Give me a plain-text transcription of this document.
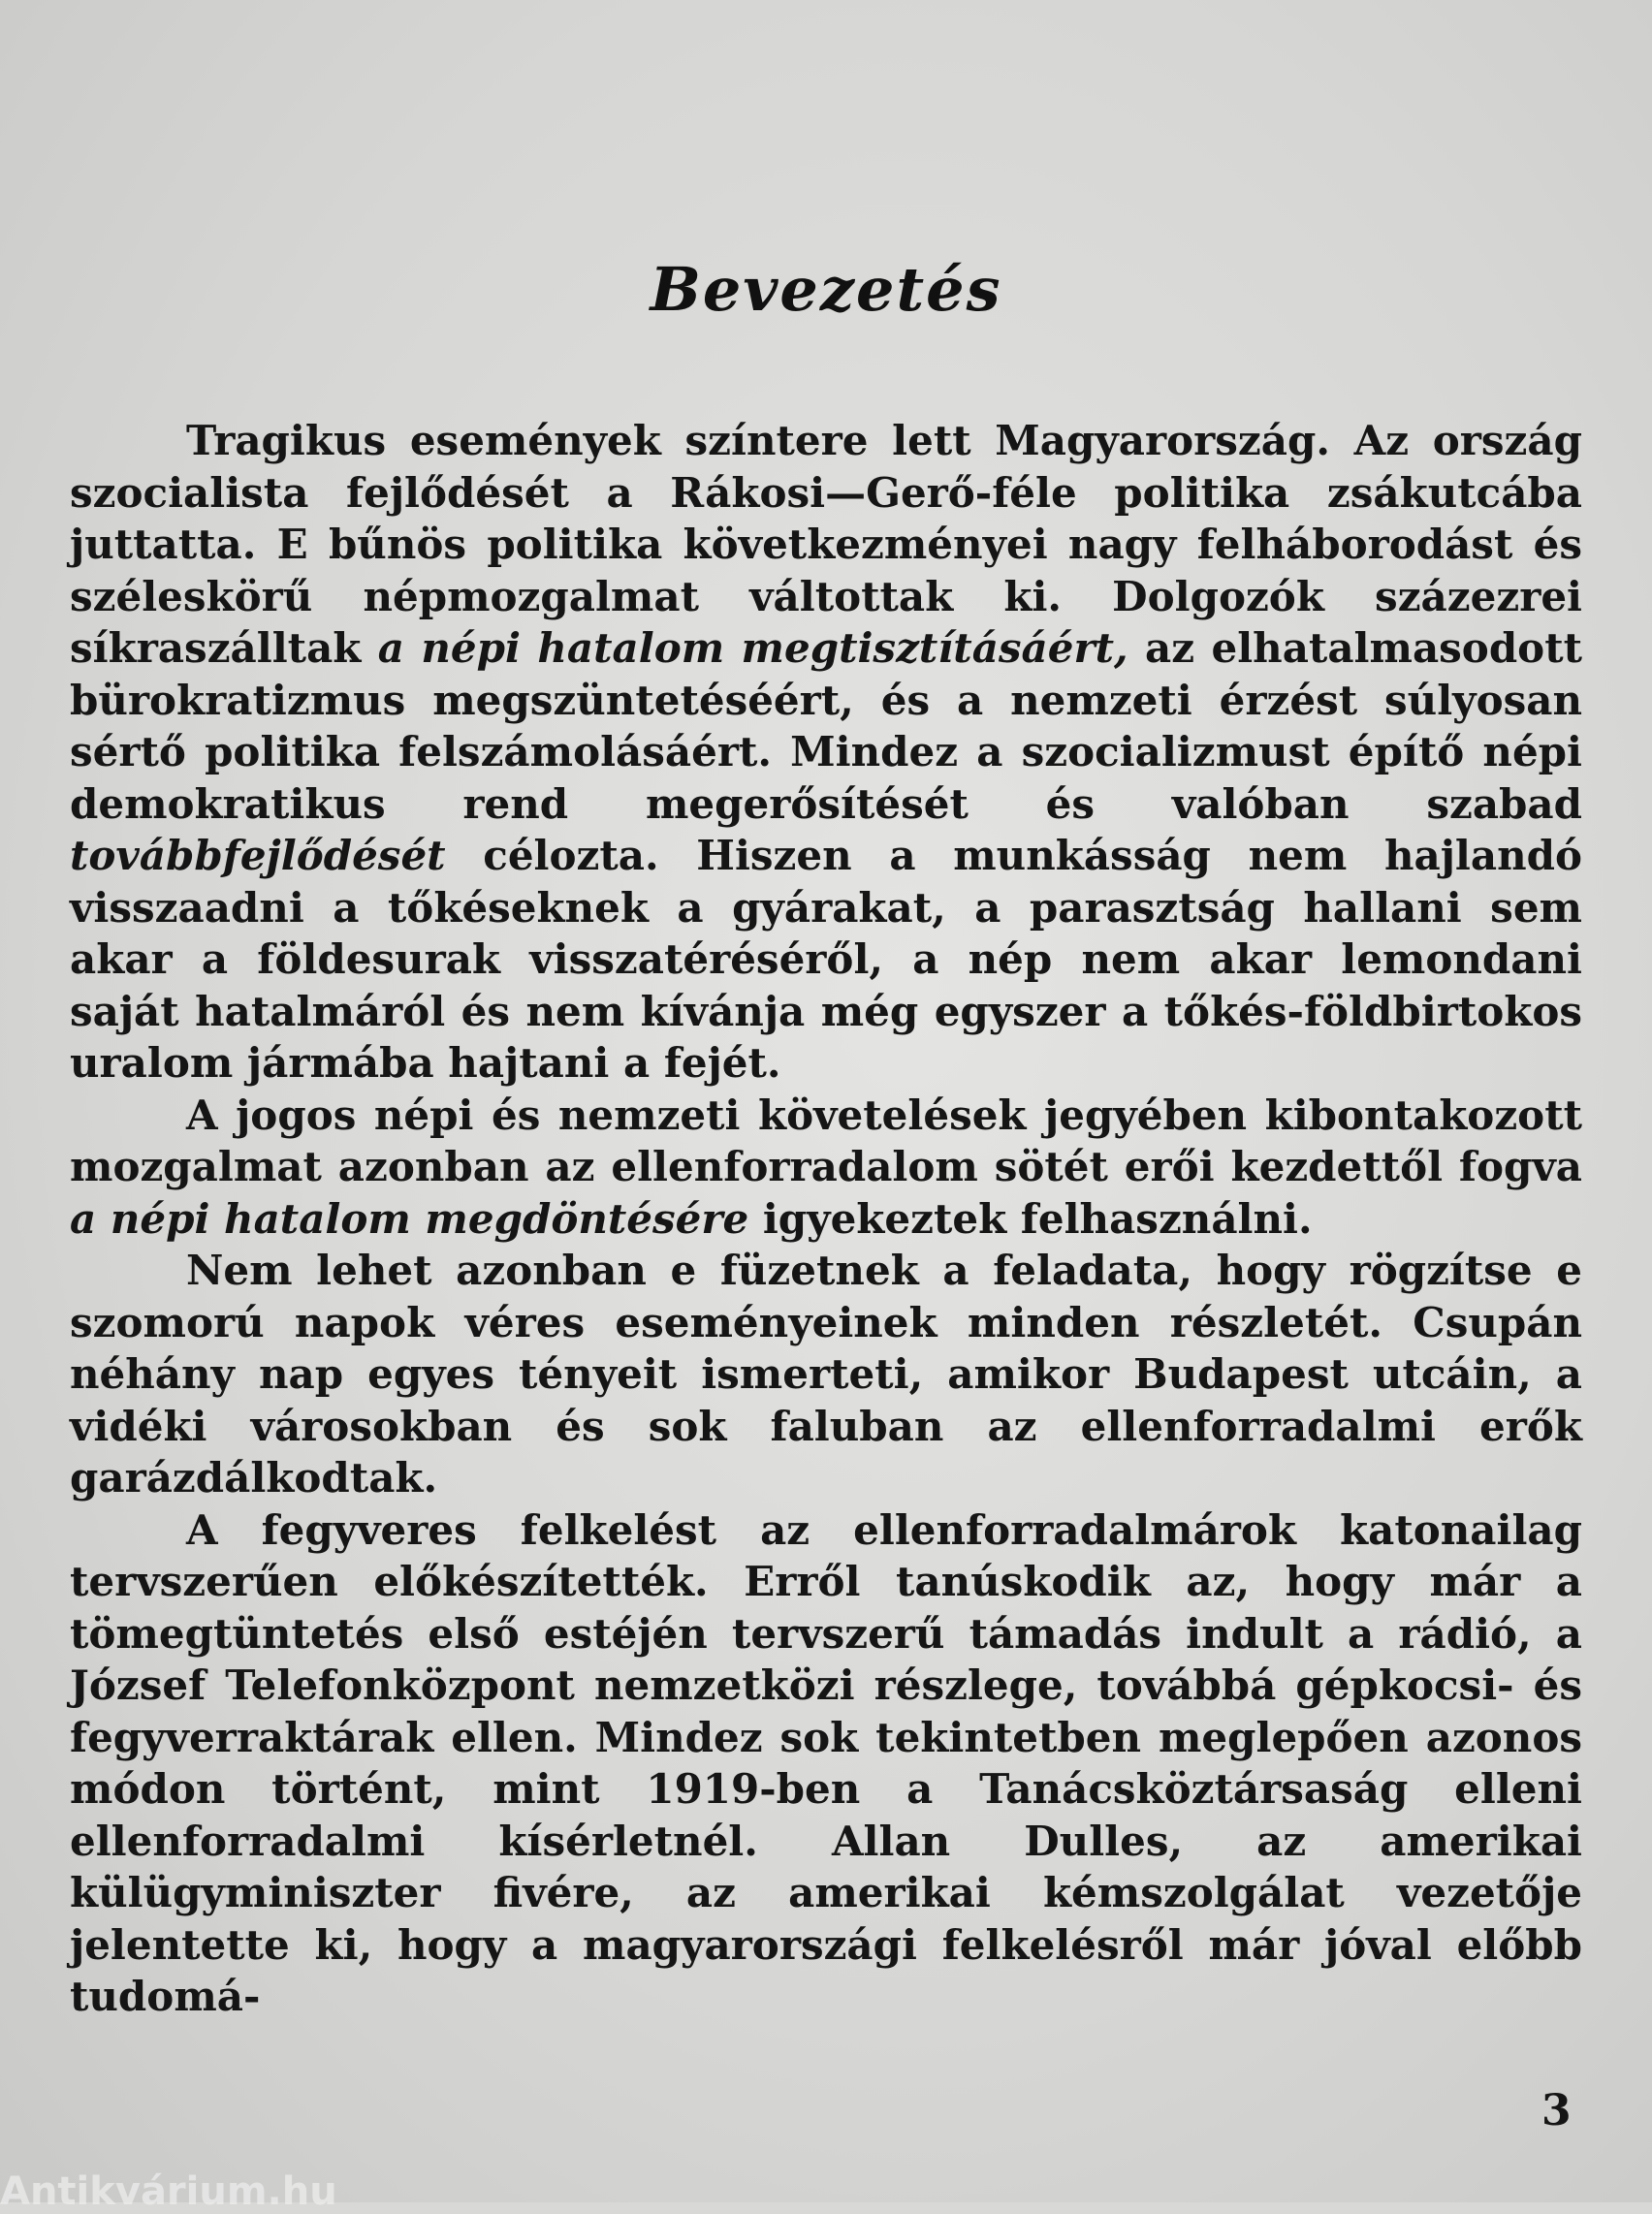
Bevezetés

Tragikus események színtere lett Magyarország. Az ország szocialista fejlődését a Rákosi—Gerő-féle politika zsákutcába juttatta. E bűnös politika következményei nagy felháborodást és széleskörű népmozgalmat váltottak ki. Dolgozók százezrei síkraszálltak a népi hatalom megtisztításáért, az elhatalmasodott bürokratizmus megszüntetéséért, és a nemzeti érzést súlyosan sértő politika felszámolásáért. Mindez a szocializmust építő népi demokratikus rend megerősítését és valóban szabad továbbfejlődését célozta. Hiszen a munkásság nem hajlandó visszaadni a tőkéseknek a gyárakat, a parasztság hallani sem akar a földesurak visszatéréséről, a nép nem akar lemondani saját hatalmáról és nem kívánja még egyszer a tőkés-földbirtokos uralom jármába hajtani a fejét.

A jogos népi és nemzeti követelések jegyében kibontakozott mozgalmat azonban az ellenforradalom sötét erői kezdettől fogva a népi hatalom megdöntésére igyekeztek felhasználni.

Nem lehet azonban e füzetnek a feladata, hogy rögzítse e szomorú napok véres eseményeinek minden részletét. Csupán néhány nap egyes tényeit ismerteti, amikor Budapest utcáin, a vidéki városokban és sok faluban az ellenforradalmi erők garázdálkodtak.

A fegyveres felkelést az ellenforradalmárok katonailag tervszerűen előkészítették. Erről tanúskodik az, hogy már a tömegtüntetés első estéjén tervszerű támadás indult a rádió, a József Telefonközpont nemzetközi részlege, továbbá gépkocsi- és fegyverraktárak ellen. Mindez sok tekintetben meglepően azonos módon történt, mint 1919-ben a Tanácsköztársaság elleni ellenforradalmi kísérletnél. Allan Dulles, az amerikai külügyminiszter fivére, az amerikai kémszolgálat vezetője jelentette ki, hogy a magyarországi felkelésről már jóval előbb tudomá-

3
Antikvárium.hu
